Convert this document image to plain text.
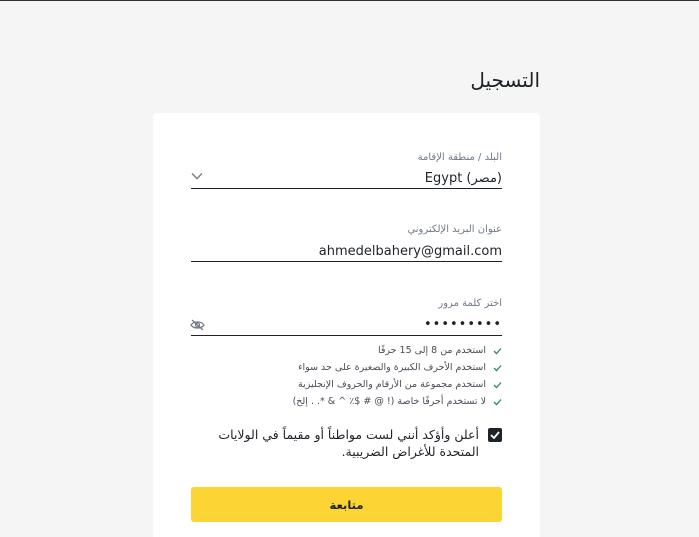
التسجيل
البلد / منطقة الإقامة
Egypt (مصر)
عنوان البريد الإلكتروني
ahmedelbahery@gmail.com
اختر كلمة مرور
•••••••••
استخدم من 8 إلى 15 حرفًا
استخدم الأحرف الكبيرة والصغيرة على حد سواء
استخدم مجموعة من الأرقام والحروف الإنجليزية
لا تستخدم أحرفًا خاصة (! @ # $٪ ^ & *. . إلخ)
أعلن وأؤكد أنني لست مواطناً أو مقيماً في الولايات المتحدة للأغراض الضريبية.
متابعة
